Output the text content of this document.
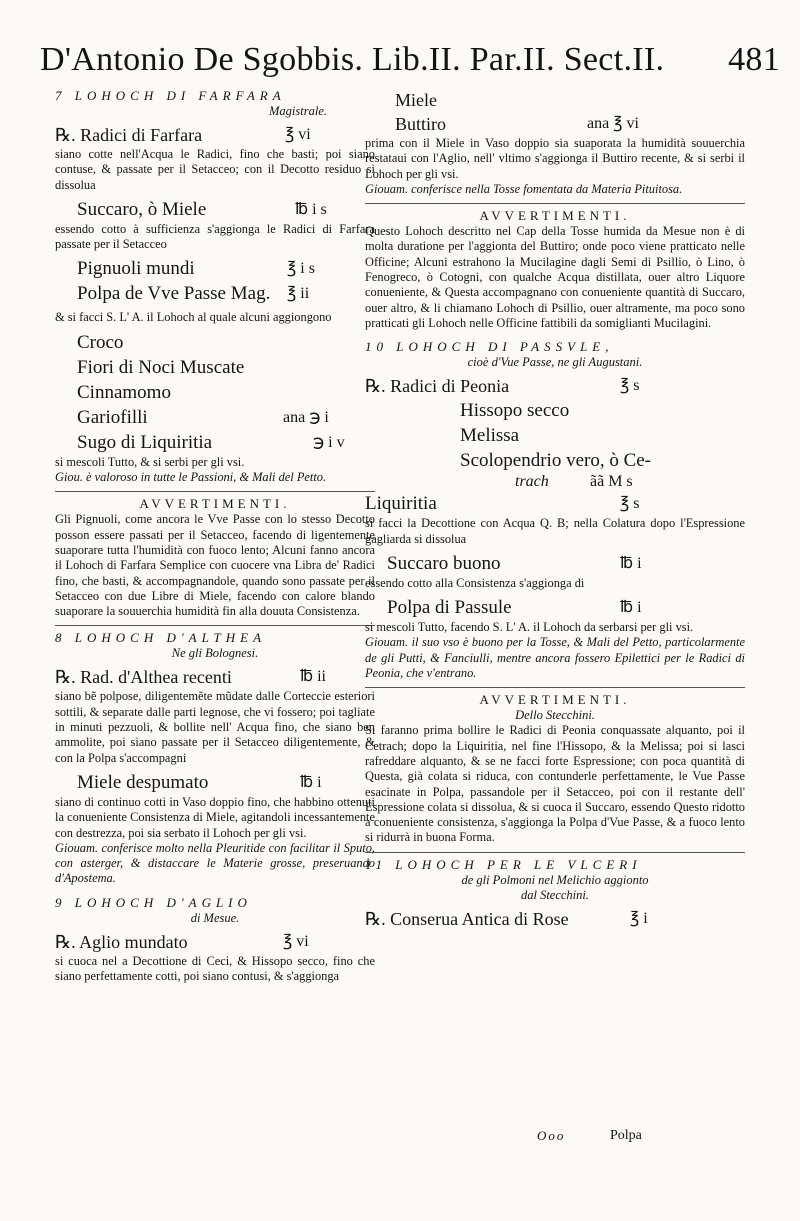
D'Antonio De Sgobbis. Lib.II. Par.II. Sect.II. 481

7 LOHOCH DI FARFARA

Magistrale.

℞. Radici di Farfara	℥ vi

siano cotte nell'Acqua le Radici, fino che basti; poi siano contuse, & passate per il Setacceo; con il Decotto residuo si dissolua

Succaro, ò Miele	℔ i s

essendo cotto à sufficienza s'aggionga le Radici di Farfara passate per il Setacceo

Pignuoli mundi	℥ i s

Polpa de Vve Passe Mag. ℥ ii

& si facci S. L' A. il Lohoch al quale alcuni aggiongono

Croco

Fiori di Noci Muscate

Cinnamomo

Gariofilli	ana ℈ i

Sugo di Liquiritia	℈ i v

si mescoli Tutto, & si serbi per gli vsi.

Giou. è valoroso in tutte le Passioni, & Mali del Petto.

AVVERTIMENTI.

Gli Pignuoli, come ancora le Vve Passe con lo stesso Decotto posson essere passati per il Setacceo, facendo di ligentemente suaporare tutta l'humidità con fuoco lento; Alcuni fanno ancora il Lohoch di Farfara Semplice con cuocere vna Libra de' Radici fino, che basti, & accompagnandole, quando sono passate per il Setacceo con due Libre di Miele, facendo con calore blando suaporare la souuerchia humidità fin alla douuta Consistenza.

8 LOHOCH D'ALTHEA

Ne gli Bolognesi.

℞. Rad. d'Althea recenti	℔ ii

siano bẽ polpose, diligentemẽte mũdate dalle Corteccie esteriori sottili, & separate dalle parti legnose, che vi fossero; poi tagliate in minuti pezzuoli, & bollite nell' Acqua fino, che siano ben ammolite, poi siano passate per il Setacceo diligentemente, & con la Polpa s'accompagni

Miele despumato	℔ i

siano di continuo cotti in Vaso doppio fino, che habbino ottenuti la conueniente Consistenza di Miele, agitandoli incessantemente con destrezza, poi sia serbato il Lohoch per gli vsi.

Giouam. conferisce molto nella Pleuritide con facilitar il Sputo, con asterger, & distaccare le Materie grosse, preseruando d'Apostema.

9 LOHOCH D'AGLIO

di Mesue.

℞. Aglio mundato	℥ vi

si cuoca nel a Decottione di Ceci, & Hissopo secco, fino che siano perfettamente cotti, poi siano contusi, & s'aggionga

Miele

Buttiro	ana ℥ vi

prima con il Miele in Vaso doppio sia suaporata la humidità souuerchia restataui con l'Aglio, nell' vltimo s'aggionga il Buttiro recente, & si serbi il Lohoch per gli vsi.

Giouam. conferisce nella Tosse fomentata da Materia Pituitosa.

AVVERTIMENTI.

Questo Lohoch descritto nel Cap della Tosse humida da Mesue non è di molta duratione per l'aggionta del Buttiro; onde poco viene pratticato nelle Officine; Alcuni estrahono la Mucilagine dagli Semi di Psillio, ò Lino, ò Fenogreco, ò Cotogni, con qualche Acqua distillata, ouer altro Liquore conueniente, & Questa accompagnano con conueniente quantità di Succaro, ouer altro, & li chiamano Lohoch di Psillio, ouer altramente, ma poco sono pratticati gli Lohoch nelle Officine fattibili da somiglianti Mucilagini.

10 LOHOCH DI PASSVLE,

cioè d'Vue Passe, ne gli Augustani.

℞. Radici di Peonia	℥ s

Hissopo secco

Melissa

Scolopendrio vero, ò Ce-

trach	ãã M s

Liquiritia	℥ s

si facci la Decottione con Acqua Q. B; nella Colatura dopo l'Espressione gagliarda si dissolua

Succaro buono	℔ i

essendo cotto alla Consistenza s'aggionga di

Polpa di Passule	℔ i

si mescoli Tutto, facendo S. L' A. il Lohoch da serbarsi per gli vsi.

Giouam. il suo vso è buono per la Tosse, & Mali del Petto, particolarmente de gli Putti, & Fanciulli, mentre ancora fossero Epilettici per le Radici di Peonia, che v'entrano.

AVVERTIMENTI.

Dello Stecchini.

Si faranno prima bollire le Radici di Peonia conquassate alquanto, poi il Cetrach; dopo la Liquiritia, nel fine l'Hissopo, & la Melissa; poi si lasci rafreddare alquanto, & se ne facci forte Espressione; con poca quantità di Questa, già colata si riduca, con contunderle perfettamente, le Vue Passe esacinate in Polpa, passandole per il Setacceo, poi con il restante dell' Espressione colata si dissolua, & si cuoca il Succaro, essendo Questo ridotto a conueniente consistenza, s'aggionga la Polpa d'Vue Passe, & a fuoco lento si ridurrà in buona Forma.

11 LOHOCH PER LE VLCERI

de gli Polmoni nel Melichio aggionto

dal Stecchini.

℞. Conserua Antica di Rose	℥ i

Ooo	Polpa
